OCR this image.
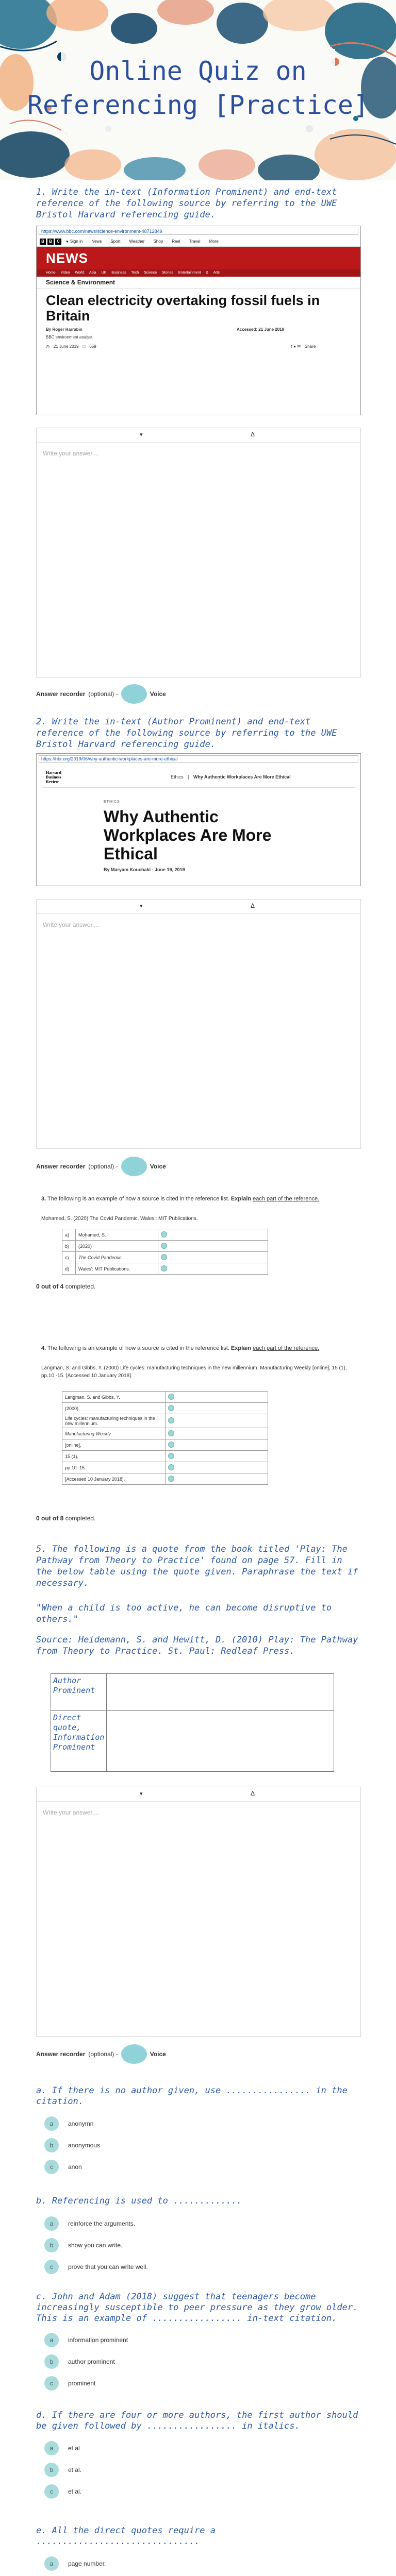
Online Quiz on Referencing [Practice]
1. Write the in-text (Information Prominent) and end-text reference of the following source by referring to the UWE Bristol Harvard referencing guide.
https://www.bbc.com/news/science-environment-48712849
B	B	C	● Sign in News Sport Weather Shop Reel Travel More
NEWS
Home Video World Asia UK Business Tech Science Stories Entertainment & Arts
Science & Environment
Clean electricity overtaking fossil fuels in Britain
By Roger Harrabin
BBC environment analyst
Accessed: 21 June 2019
◷ 21 June 2019 □ 659	f ● ✉ Share
▾	Δ
Write your answer....
Answer recorder (optional) -	Voice
2. Write the in-text (Author Prominent) and end-text reference of the following source by referring to the UWE Bristol Harvard referencing guide.
https://hbr.org/2019/06/why-authentic-workplaces-are-more-ethical
Harvard
Business
Review
Ethics | Why Authentic Workplaces Are More Ethical
ETHICS
Why Authentic Workplaces Are More Ethical
By Maryam Kouchaki - June 19, 2019
▾	Δ
Write your answer....
Answer recorder (optional) -	Voice
3. The following is an example of how a source is cited in the reference list. Explain each part of the reference.
Mohamed, S. (2020) The Covid Pandemic. Wales': MIT Publications.
a)	Mohamed, S.	
b)	(2020)	
c)	The Covid Pandemic.	
d)	Wales': MIT Publications.	
0 out of 4 completed.
4. The following is an example of how a source is cited in the reference list. Explain each part of the reference.
Langman, S. and Gibbs, Y. (2000) Life cycles: manufacturing techniques in the new millennium. Manufacturing Weekly [online], 15 (1), pp.10 -15. [Accessed 10 January 2018].
Langman, S. and Gibbs, Y.	
(2000)	
Life cycles: manufacturing techniques in the new millennium.	
Manufacturing Weekly	
[online],	
15 (1),	
pp.10 -15.	
[Accessed 10 January 2018].	
0 out of 8 completed.
5. The following is a quote from the book titled 'Play: The Pathway from Theory to Practice' found on page 57. Fill in the below table using the quote given. Paraphrase the text if necessary.
"When a child is too active, he can become disruptive to others."
Source: Heidemann, S. and Hewitt, D. (2010) Play: The Pathway from Theory to Practice. St. Paul: Redleaf Press.
Author Prominent	
Direct quote, Information Prominent	
▾	Δ
Write your answer....
Answer recorder (optional) -	Voice
a. If there is no author given, use ................ in the citation.
a	anonymn
b	anonymous
c	anon
b. Referencing is used to .............
a	reinforce the arguments.
b	show you can write.
c	prove that you can write well.
c. John and Adam (2018) suggest that teenagers become increasingly susceptible to peer pressure as they grow older. This is an example of ................. in-text citation.
a	information prominent
b	author prominent
c	prominent
d. If there are four or more authors, the first author should be given followed by ................. in italics.
a	et al
b	et al.
c	et al.
e. All the direct quotes require a ...............................
a	page number.
